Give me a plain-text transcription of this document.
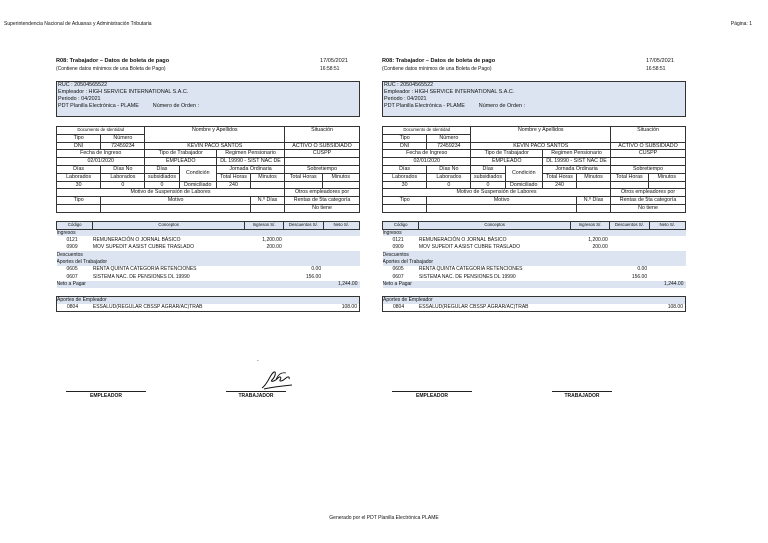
Superintendencia Nacional de Aduanas y Administración Tributaria	Página: 1
R08: Trabajador – Datos de boleta de pago	17/05/2021
(Contiene datos mínimos de una Boleta de Pago)	16:58:51
RUC : 20504565522
Empleador : HIGH SERVICE INTERNATIONAL S.A.C.
Periodo : 04/2021
PDT Planilla Electrónica - PLAME	Número de Orden :
Documento de Identidad		Nombre y Apellidos				Situación	
Tipo	Número						
DNI	72459234	KEVIN PACO SANTOS				ACTIVO O SUBSIDIADO	
Fecha de Ingreso		Tipo de Trabajador		Regimen Pensionario		CUSPP	
02/01/2020		EMPLEADO		DL 19990 - SIST NAC DE			
Días	Días No	Días	Condición	Jornada Ordinaria		Sobretiempo	
Laborados	Laborados	subsidiados		Total Horas	Minutos	Total Horas	Minutos
30	0	0	Domiciliado	240			
Motivo de Suspensión de Labores						Otros empleadores por	
Tipo	Motivo				N.º Días	Rentas de 5ta categoría	
						No tiene	
Código	Conceptos	Ingresos S/.	Descuentos S/.	Neto S/.
Ingresos				
0121	REMUNERACIÓN O JORNAL BÁSICO	1,200.00		
0909	MOV SUPEDIT A ASIST CUBRE TRASLADO	200.00		
Descuentos				
Aportes del Trabajador				
0605	RENTA QUINTA CATEGORÍA RETENCIONES		0.00	
0607	SISTEMA NAC. DE PENSIONES DL 19990		156.00	
Neto a Pagar				1,244.00
Aportes de Empleador
0804	ESSALUD(REGULAR CBSSP AGRAR/AC)TRAB			108.00
R08: Trabajador – Datos de boleta de pago	17/05/2021
(Contiene datos mínimos de una Boleta de Pago)	16:58:51
RUC : 20504565522
Empleador : HIGH SERVICE INTERNATIONAL S.A.C.
Periodo : 04/2021
PDT Planilla Electrónica - PLAME	Número de Orden :
Documento de Identidad		Nombre y Apellidos				Situación	
Tipo	Número						
DNI	72459234	KEVIN PACO SANTOS				ACTIVO O SUBSIDIADO	
Fecha de Ingreso		Tipo de Trabajador		Regimen Pensionario		CUSPP	
02/01/2020		EMPLEADO		DL 19990 - SIST NAC DE			
Días	Días No	Días	Condición	Jornada Ordinaria		Sobretiempo	
Laborados	Laborados	subsidiados		Total Horas	Minutos	Total Horas	Minutos
30	0	0	Domiciliado	240			
Motivo de Suspensión de Labores						Otros empleadores por	
Tipo	Motivo				N.º Días	Rentas de 5ta categoría	
						No tiene	
Código	Conceptos	Ingresos S/.	Descuentos S/.	Neto S/.
Ingresos				
0121	REMUNERACIÓN O JORNAL BÁSICO	1,200.00		
0909	MOV SUPEDIT A ASIST CUBRE TRASLADO	200.00		
Descuentos				
Aportes del Trabajador				
0605	RENTA QUINTA CATEGORÍA RETENCIONES		0.00	
0607	SISTEMA NAC. DE PENSIONES DL 19990		156.00	
Neto a Pagar				1,244.00
Aportes de Empleador
0804	ESSALUD(REGULAR CBSSP AGRAR/AC)TRAB			108.00
-
EMPLEADOR	TRABAJADOR	EMPLEADOR	TRABAJADOR
Generado por el PDT Planilla Electrónica PLAME
